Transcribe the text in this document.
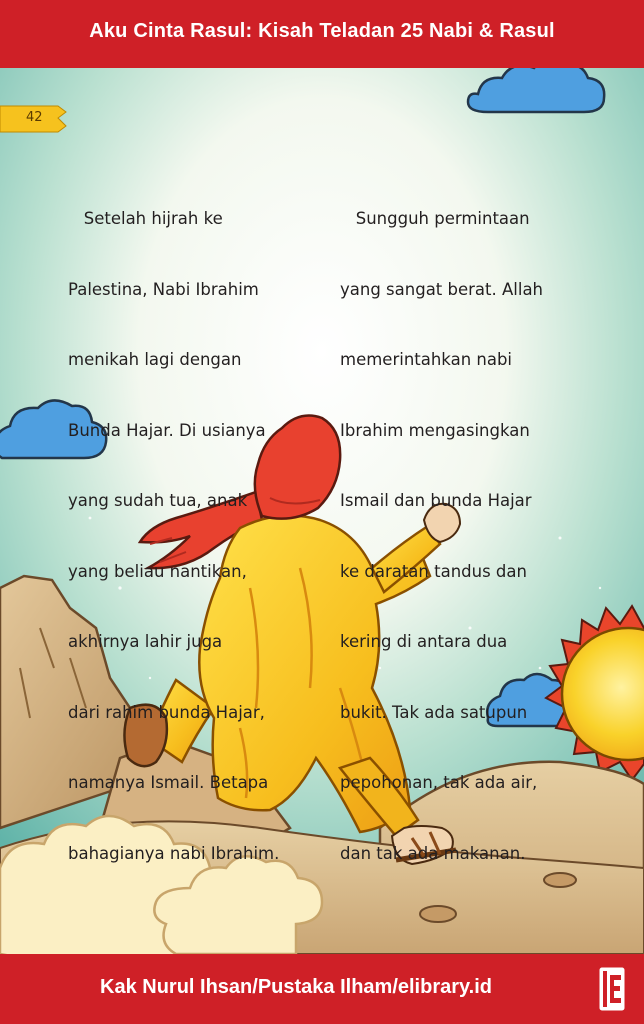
Aku Cinta Rasul: Kisah Teladan 25 Nabi & Rasul
42

Setelah hijrah ke

Palestina, Nabi Ibrahim

menikah lagi dengan

Bunda Hajar. Di usianya

yang sudah tua, anak

yang beliau nantikan,

akhirnya lahir juga

dari rahim bunda Hajar,

namanya Ismail. Betapa

bahagianya nabi Ibrahim.

Sungguh permintaan

yang sangat berat. Allah

memerintahkan nabi

Ibrahim mengasingkan

Ismail dan bunda Hajar

ke daratan tandus dan

kering di antara dua

bukit. Tak ada satupun

pepohonan, tak ada air,

dan tak ada makanan.

Kak Nurul Ihsan/Pustaka Ilham/elibrary.id
